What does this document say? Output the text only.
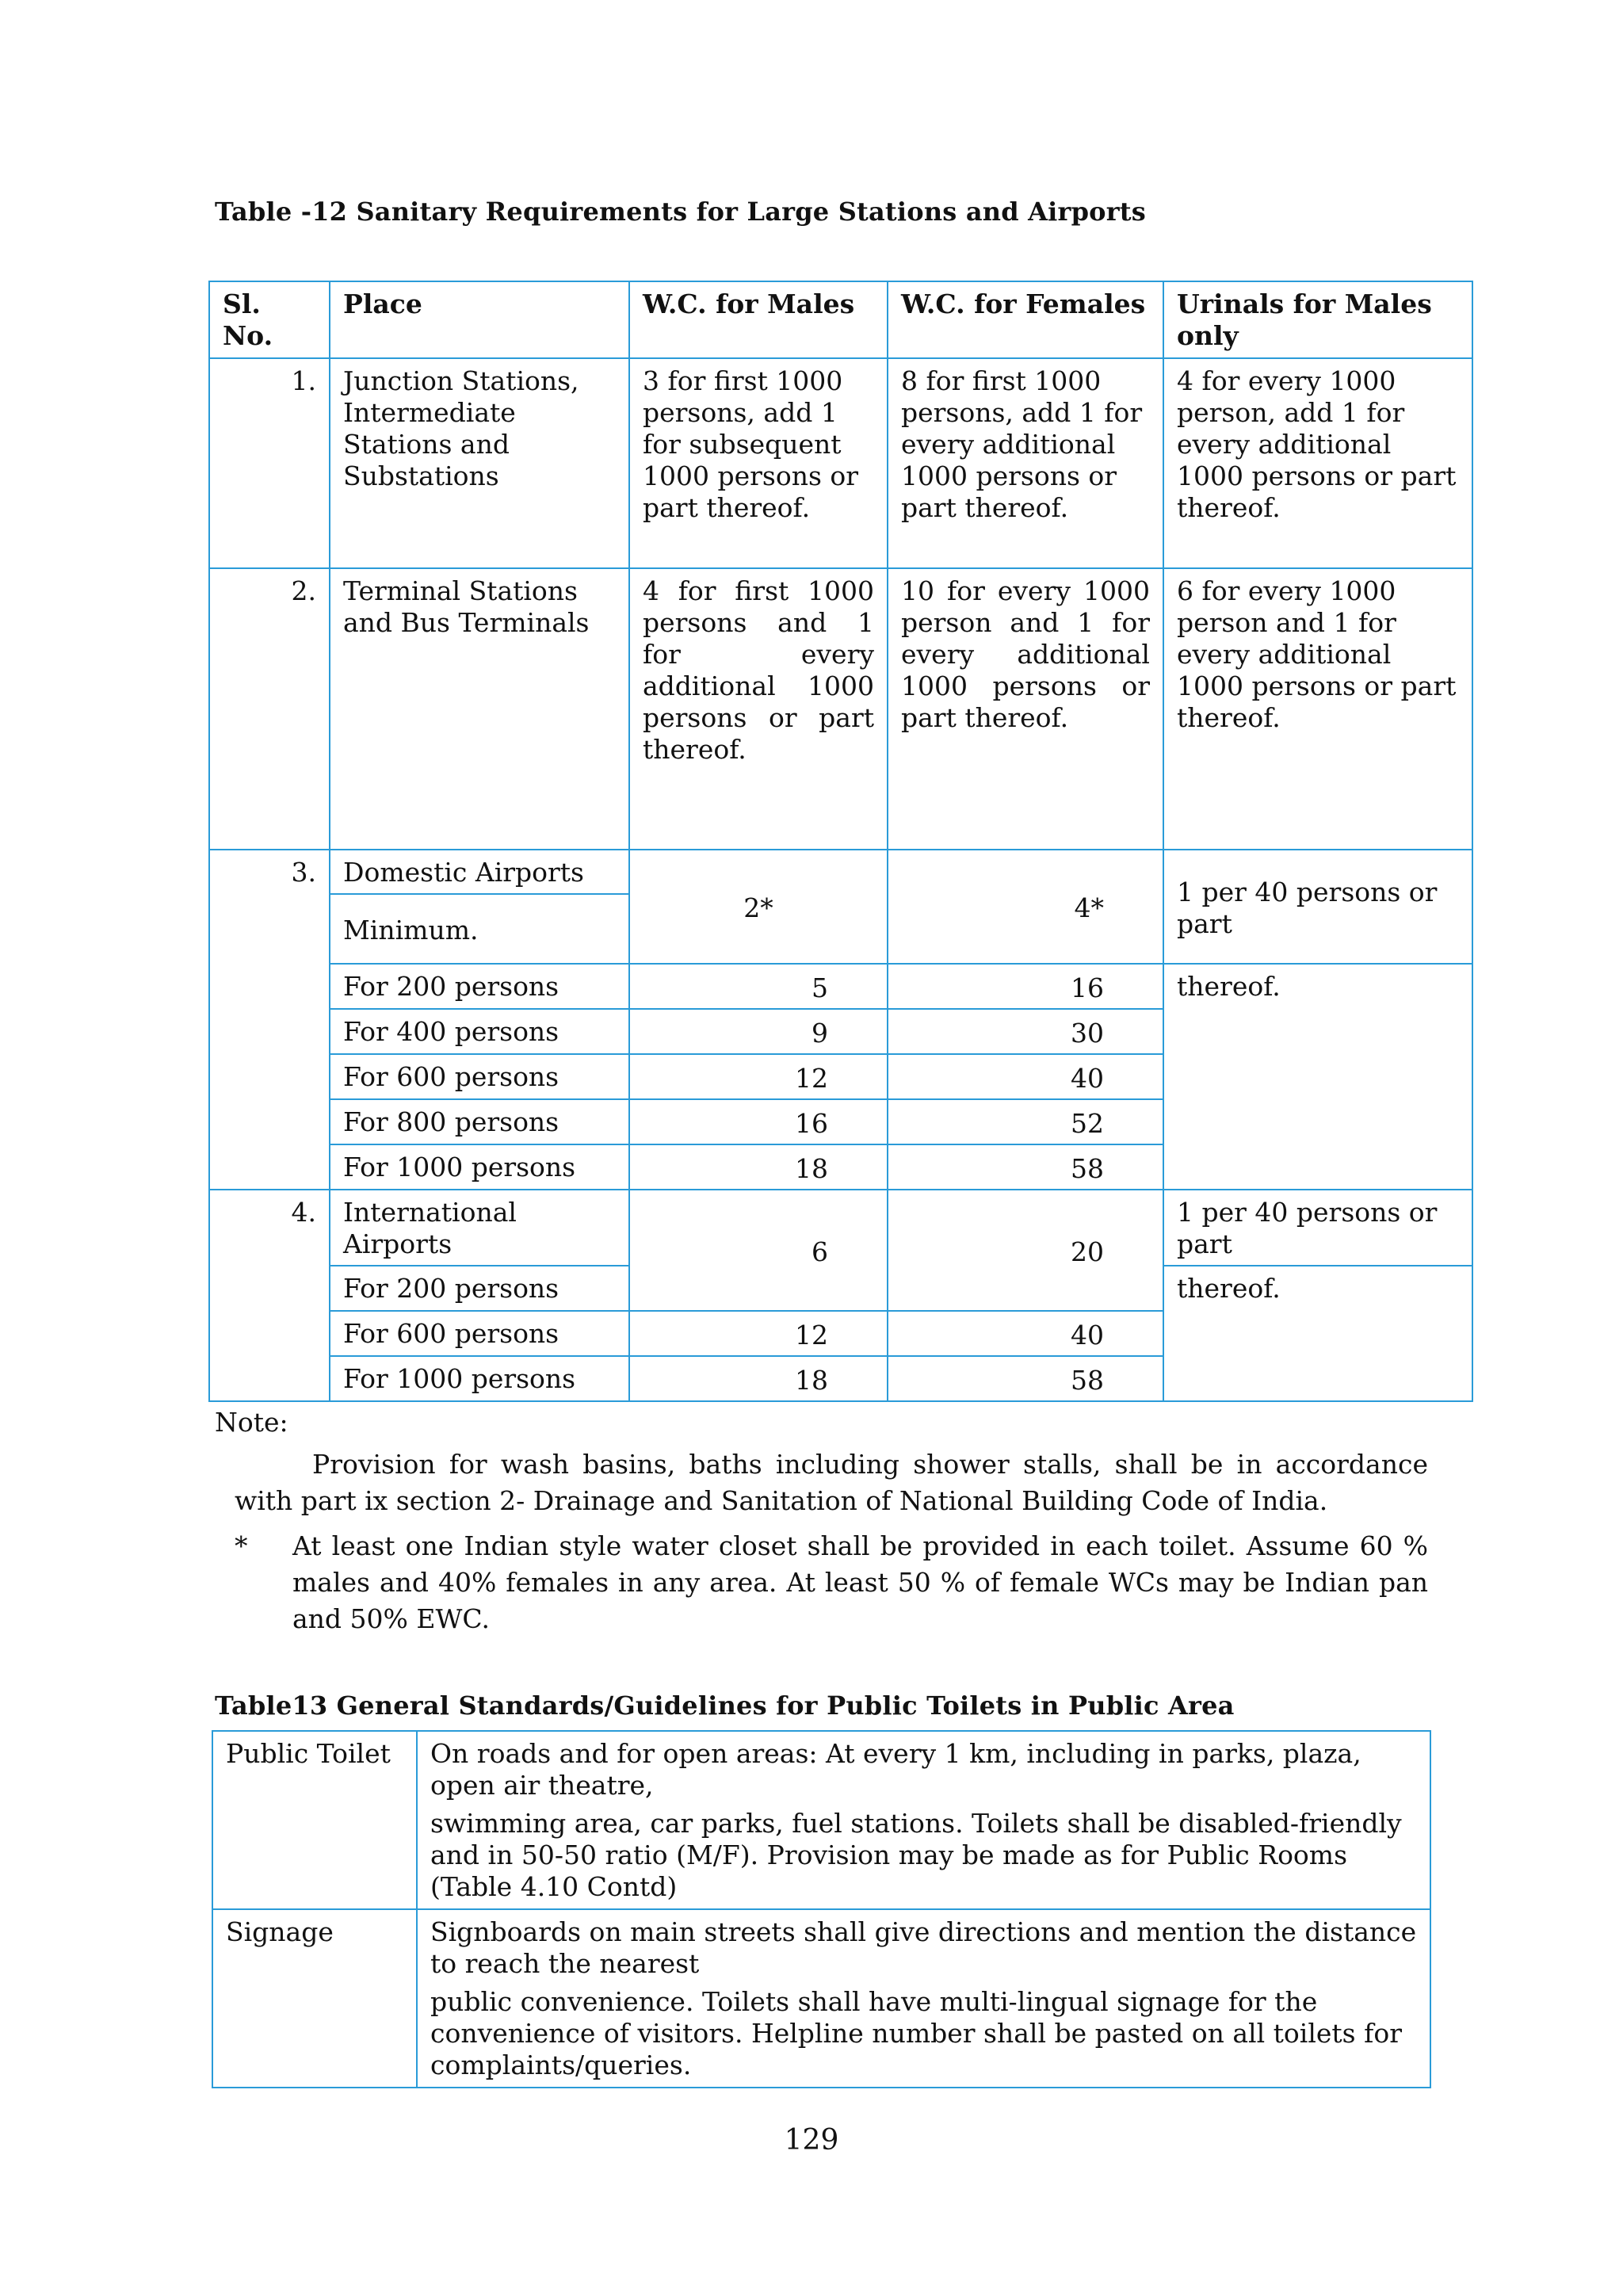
Table -12 Sanitary Requirements for Large Stations and Airports
Sl. No.	Place	W.C. for Males	W.C. for Females	Urinals for Males only
1.	Junction Stations, Intermediate Stations and Substations	3 for first 1000 persons, add 1 for subsequent 1000 persons or part thereof.	8 for first 1000 persons, add 1 for every additional 1000 persons or part thereof.	4 for every 1000 person, add 1 for every additional 1000 persons or part thereof.
2.	Terminal Stations and Bus Terminals	4 for first 1000 persons and 1 for every additional 1000 persons or part thereof.	10 for every 1000 person and 1 for every additional 1000 persons or part thereof.	6 for every 1000 person and 1 for every additional 1000 persons or part thereof.
3.	Domestic Airports	2*	4*	1 per 40 persons or part
	Minimum.			
	For 200 persons	5	16	thereof.
	For 400 persons	9	30	
	For 600 persons	12	40	
	For 800 persons	16	52	
	For 1000 persons	18	58	
4.	International Airports	6	20	1 per 40 persons or part
	For 200 persons			thereof.
	For 600 persons	12	40	
	For 1000 persons	18	58	
Note:
Provision for wash basins, baths including shower stalls, shall be in accordance with part ix section 2- Drainage and Sanitation of National Building Code of India.
*	At least one Indian style water closet shall be provided in each toilet. Assume 60 % males and 40% females in any area. At least 50 % of female WCs may be Indian pan and 50% EWC.
Table13 General Standards/Guidelines for Public Toilets in Public Area
Public Toilet	On roads and for open areas: At every 1 km, including in parks, plaza, open air theatre,
swimming area, car parks, fuel stations. Toilets shall be disabled-friendly and in 50-50 ratio (M/F). Provision may be made as for Public Rooms (Table 4.10 Contd)

Signage	Signboards on main streets shall give directions and mention the distance to reach the nearest
public convenience. Toilets shall have multi-lingual signage for the convenience of visitors. Helpline number shall be pasted on all toilets for complaints/queries.
129
